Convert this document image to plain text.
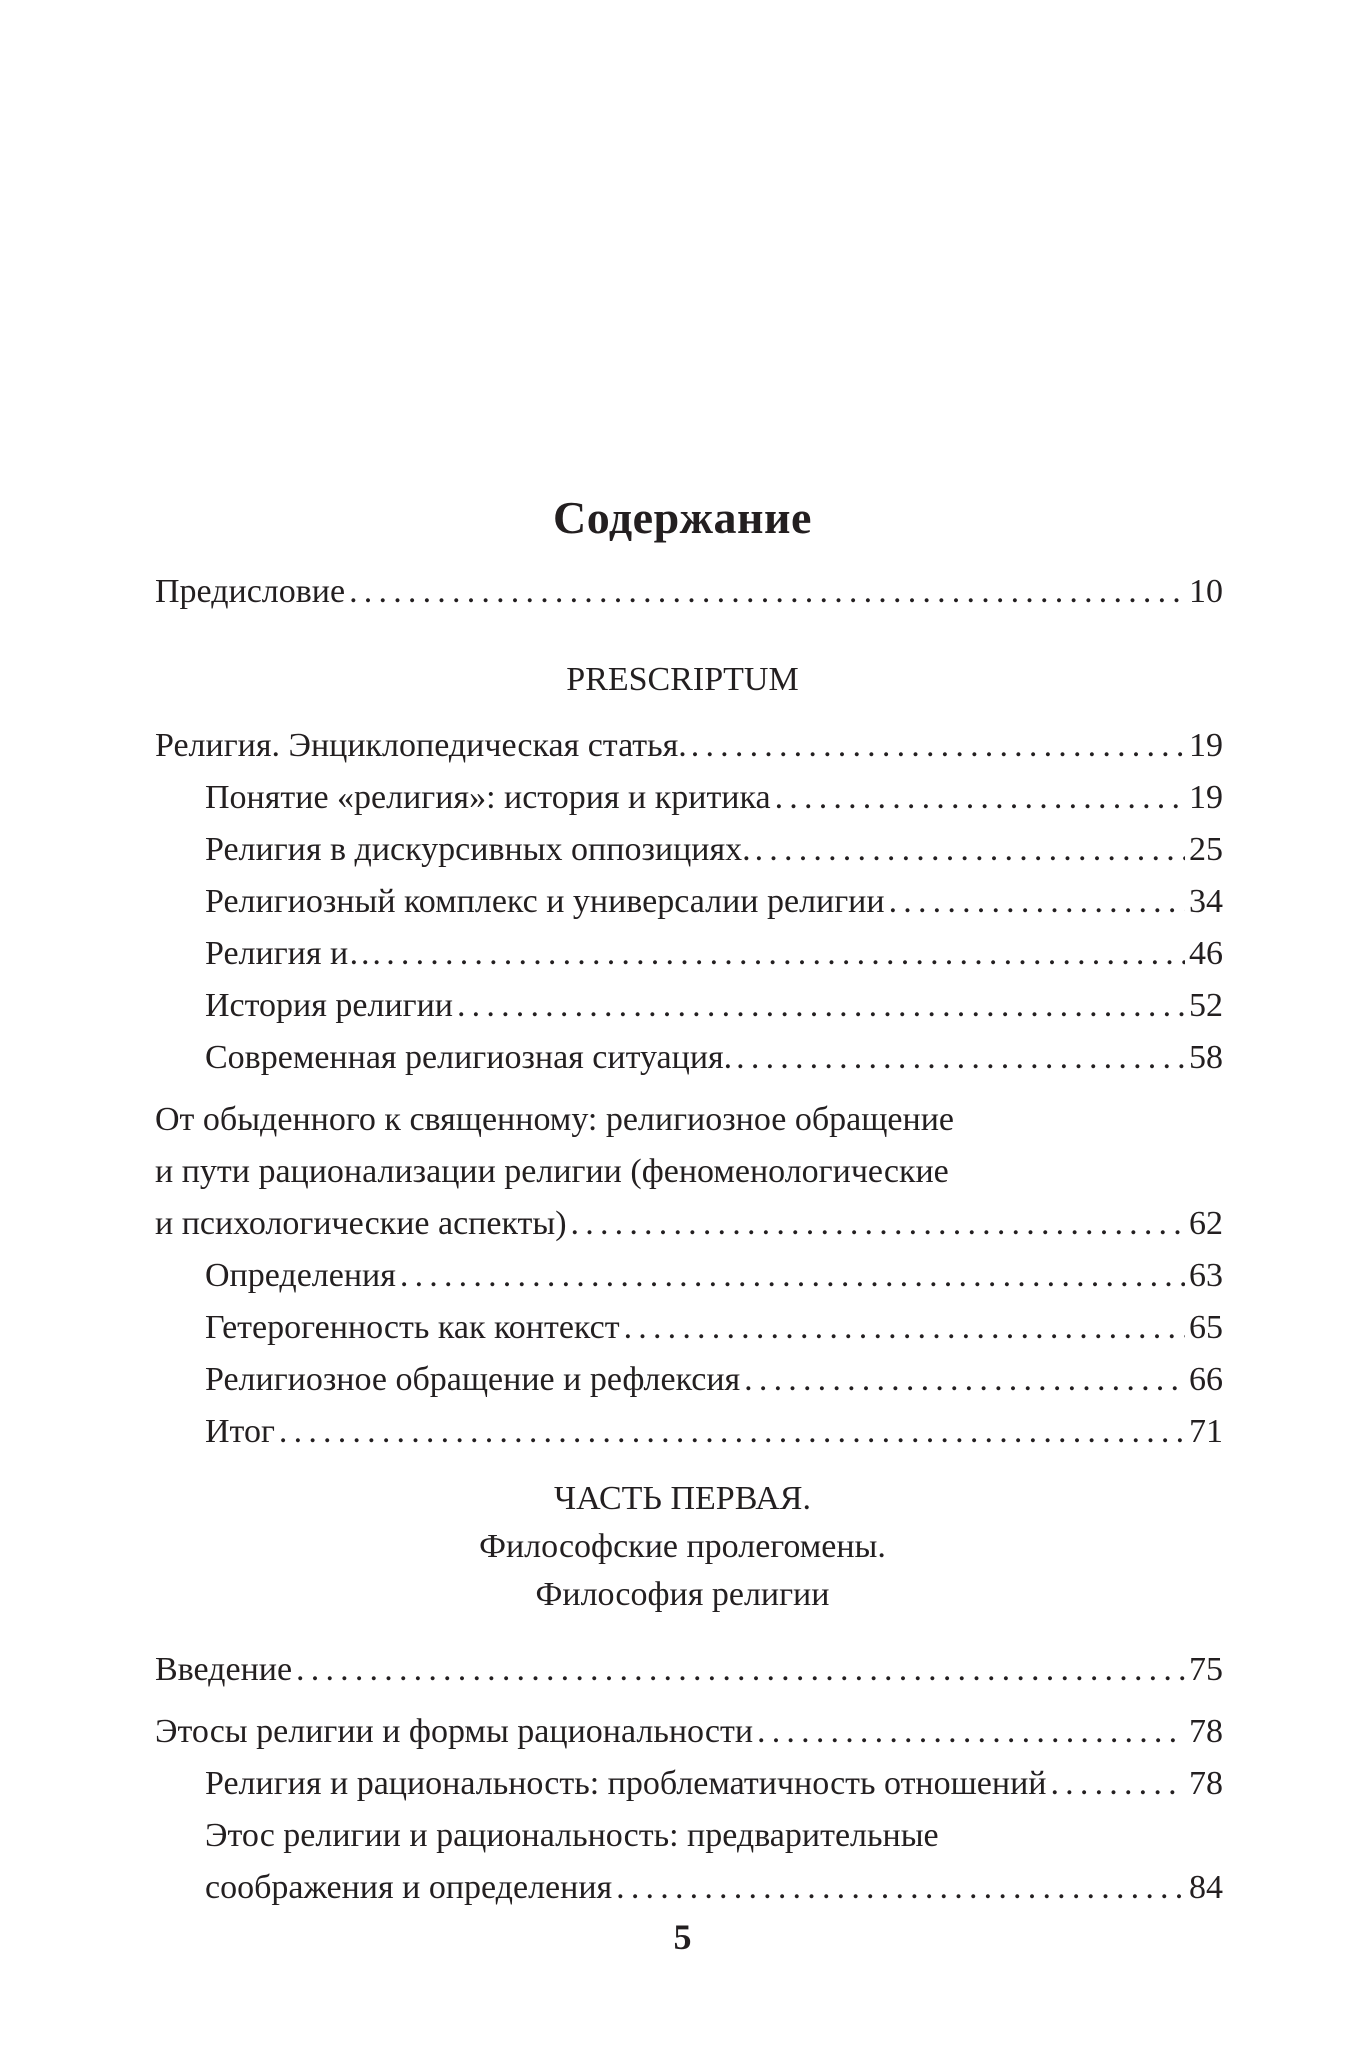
Содержание
Предисловие .....	10
PRESCRIPTUM
Религия. Энциклопедическая статья. .....	19
Понятие «религия»: история и критика .....	19
Религия в дискурсивных оппозициях. .....	25
Религиозный комплекс и универсалии религии .....	34
Религия и… .....	46
История религии .....	52
Современная религиозная ситуация. .....	58
От обыденного к священному: религиозное обращение
и пути рационализации религии (феноменологические
и психологические аспекты) .....	62
Определения .....	63
Гетерогенность как контекст .....	65
Религиозное обращение и рефлексия .....	66
Итог .....	71
ЧАСТЬ ПЕРВАЯ.
Философские пролегомены.
Философия религии
Введение .....	75
Этосы религии и формы рациональности .....	78
Религия и рациональность: проблематичность отношений .....	78
Этос религии и рациональность: предварительные
соображения и определения .....	84
5
